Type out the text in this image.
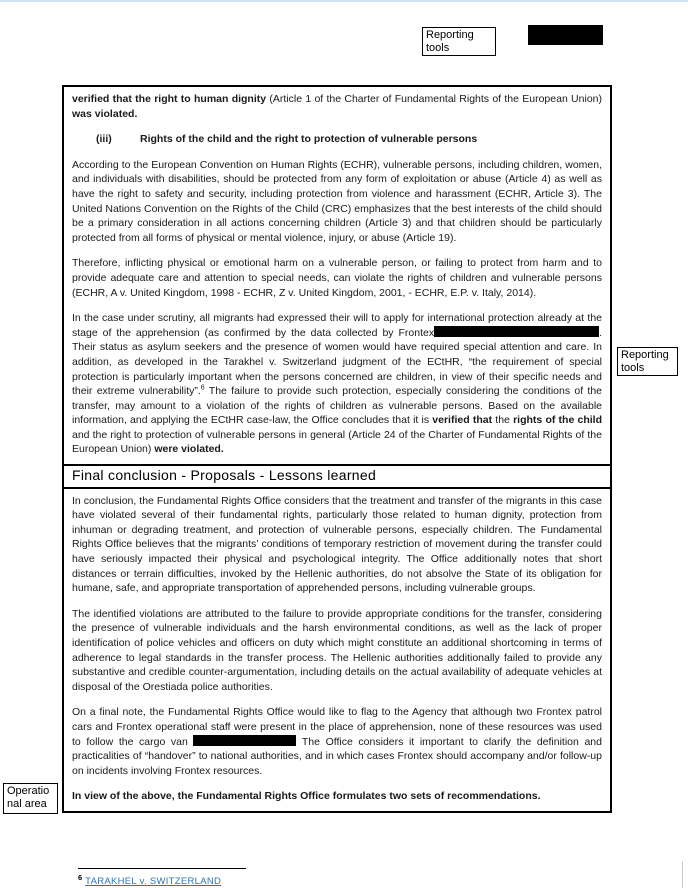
Reporting tools

verified that the right to human dignity (Article 1 of the Charter of Fundamental Rights of the European Union) was violated.

(iii)	Rights of the child and the right to protection of vulnerable persons

According to the European Convention on Human Rights (ECHR), vulnerable persons, including children, women, and individuals with disabilities, should be protected from any form of exploitation or abuse (Article 4) as well as have the right to safety and security, including protection from violence and harassment (ECHR, Article 3). The United Nations Convention on the Rights of the Child (CRC) emphasizes that the best interests of the child should be a primary consideration in all actions concerning children (Article 3) and that children should be particularly protected from all forms of physical or mental violence, injury, or abuse (Article 19).

Therefore, inflicting physical or emotional harm on a vulnerable person, or failing to protect from harm and to provide adequate care and attention to special needs, can violate the rights of children and vulnerable persons (ECHR, A v. United Kingdom, 1998 - ECHR, Z v. United Kingdom, 2001, - ECHR, E.P. v. Italy, 2014).

In the case under scrutiny, all migrants had expressed their will to apply for international protection already at the stage of the apprehension (as confirmed by the data collected by Frontex	. Their status as asylum seekers and the presence of women would have required special attention and care. In addition, as developed in the Tarakhel v. Switzerland judgment of the ECtHR, “the requirement of special protection is particularly important when the persons concerned are children, in view of their specific needs and their extreme vulnerability”.$^6$ The failure to provide such protection, especially considering the conditions of the transfer, may amount to a violation of the rights of children as vulnerable persons. Based on the available information, and applying the ECtHR case-law, the Office concludes that it is verified that the rights of the child and the right to protection of vulnerable persons in general (Article 24 of the Charter of Fundamental Rights of the European Union) were violated.

Final conclusion - Proposals - Lessons learned

In conclusion, the Fundamental Rights Office considers that the treatment and transfer of the migrants in this case have violated several of their fundamental rights, particularly those related to human dignity, protection from inhuman or degrading treatment, and protection of vulnerable persons, especially children. The Fundamental Rights Office believes that the migrants’ conditions of temporary restriction of movement during the transfer could have seriously impacted their physical and psychological integrity. The Office additionally notes that short distances or terrain difficulties, invoked by the Hellenic authorities, do not absolve the State of its obligation for humane, safe, and appropriate transportation of apprehended persons, including vulnerable groups.

The identified violations are attributed to the failure to provide appropriate conditions for the transfer, considering the presence of vulnerable individuals and the harsh environmental conditions, as well as the lack of proper identification of police vehicles and officers on duty which might constitute an additional shortcoming in terms of adherence to legal standards in the transfer process. The Hellenic authorities additionally failed to provide any substantive and credible counter-argumentation, including details on the actual availability of adequate vehicles at disposal of the Orestiada police authorities.

On a final note, the Fundamental Rights Office would like to flag to the Agency that although two Frontex patrol cars and Frontex operational staff were present in the place of apprehension, none of these resources was used to follow the cargo van	The Office considers it important to clarify the definition and practicalities of “handover” to national authorities, and in which cases Frontex should accompany and/or follow-up on incidents involving Frontex resources.

In view of the above, the Fundamental Rights Office formulates two sets of recommendations.

Reporting tools
Operatio
nal area
$^6$ TARAKHEL v. SWITZERLAND
